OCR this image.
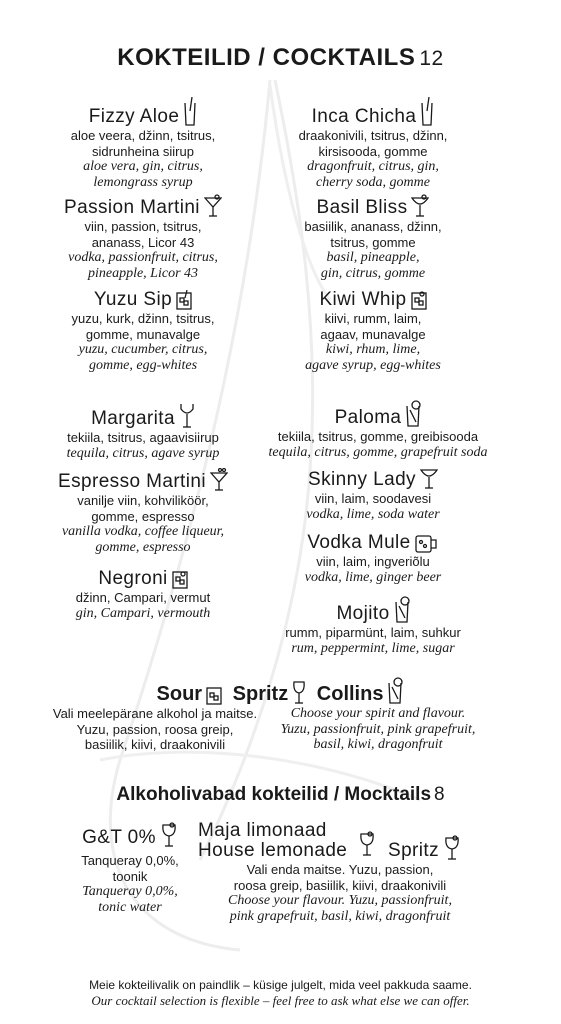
KOKTEILID / COCKTAILS 12
Fizzy Aloe
aloe veera, džinn, tsitrus,
sidrunheina siirup
aloe vera, gin, citrus,
lemongrass syrup
Passion Martini
viin, passion, tsitrus,
ananass, Licor 43
vodka, passionfruit, citrus,
pineapple, Licor 43
Yuzu Sip
yuzu, kurk, džinn, tsitrus,
gomme, munavalge
yuzu, cucumber, citrus,
gomme, egg-whites
Margarita
tekiila, tsitrus, agaavisiirup
tequila, citrus, agave syrup
Espresso Martini
vanilje viin, kohviliköör,
gomme, espresso
vanilla vodka, coffee liqueur,
gomme, espresso
Negroni
džinn, Campari, vermut
gin, Campari, vermouth
Inca Chicha
draakonivili, tsitrus, džinn,
kirsisooda, gomme
dragonfruit, citrus, gin,
cherry soda, gomme
Basil Bliss
basiilik, ananass, džinn,
tsitrus, gomme
basil, pineapple,
gin, citrus, gomme
Kiwi Whip
kiivi, rumm, laim,
agaav, munavalge
kiwi, rhum, lime,
agave syrup, egg-whites
Paloma
tekiila, tsitrus, gomme, greibisooda
tequila, citrus, gomme, grapefruit soda
Skinny Lady
viin, laim, soodavesi
vodka, lime, soda water
Vodka Mule
viin, laim, ingveriõlu
vodka, lime, ginger beer
Mojito
rumm, piparmünt, laim, suhkur
rum, peppermint, lime, sugar
Sour Spritz Collins
Vali meelepärane alkohol ja maitse.
Yuzu, passion, roosa greip,
basiilik, kiivi, draakonivili
Choose your spirit and flavour.
Yuzu, passionfruit, pink grapefruit,
basil, kiwi, dragonfruit
Alkoholivabad kokteilid / Mocktails 8
G&T 0%
Tanqueray 0,0%,
toonik
Tanqueray 0,0%,
tonic water
Maja limonaad
House lemonade	Spritz
Vali enda maitse. Yuzu, passion,
roosa greip, basiilik, kiivi, draakonivili
Choose your flavour. Yuzu, passionfruit,
pink grapefruit, basil, kiwi, dragonfruit
Meie kokteilivalik on paindlik – küsige julgelt, mida veel pakkuda saame.
Our cocktail selection is flexible – feel free to ask what else we can offer.
